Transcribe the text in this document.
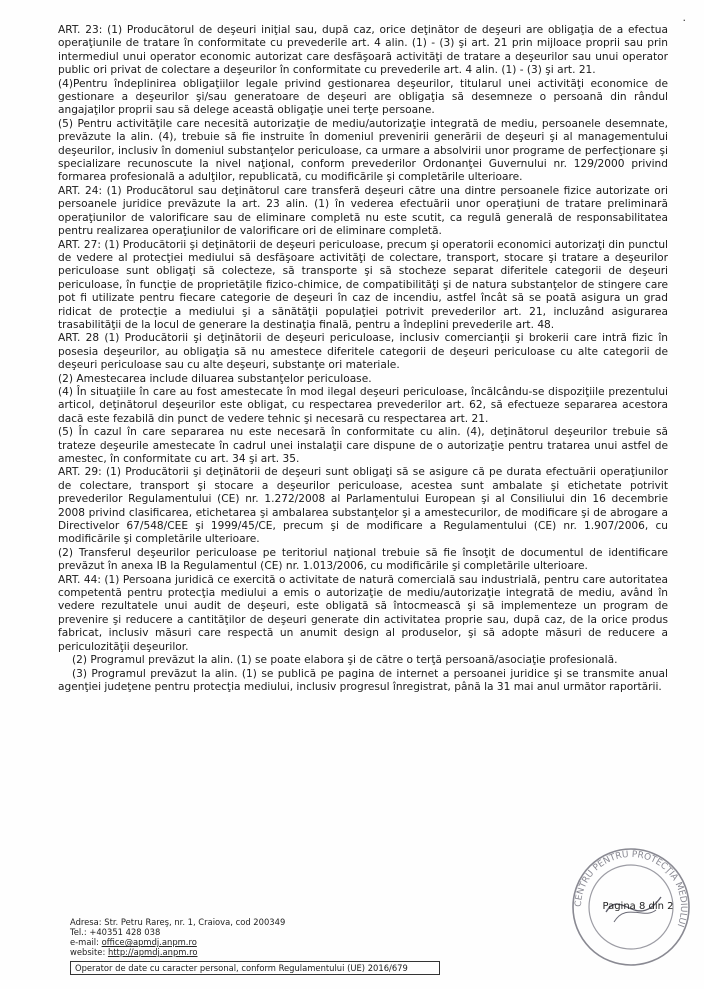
·

ART. 23: (1) Producătorul de deşeuri iniţial sau, după caz, orice deţinător de deşeuri are obligaţia de a efectua operaţiunile de tratare în conformitate cu prevederile art. 4 alin. (1) - (3) şi art. 21 prin mijloace proprii sau prin intermediul unui operator economic autorizat care desfăşoară activităţi de tratare a deşeurilor sau unui operator public ori privat de colectare a deşeurilor în conformitate cu prevederile art. 4 alin. (1) - (3) şi art. 21.

(4)Pentru îndeplinirea obligaţiilor legale privind gestionarea deşeurilor, titularul unei activităţi economice de gestionare a deşeurilor şi/sau generatoare de deşeuri are obligaţia să desemneze o persoană din rândul angajaţilor proprii sau să delege această obligaţie unei terţe persoane.

(5) Pentru activităţile care necesită autorizaţie de mediu/autorizaţie integrată de mediu, persoanele desemnate, prevăzute la alin. (4), trebuie să fie instruite în domeniul prevenirii generării de deşeuri şi al managementului deşeurilor, inclusiv în domeniul substanţelor periculoase, ca urmare a absolvirii unor programe de perfecţionare şi specializare recunoscute la nivel naţional, conform prevederilor Ordonanţei Guvernului nr. 129/2000 privind formarea profesională a adulţilor, republicată, cu modificările şi completările ulterioare.

ART. 24: (1) Producătorul sau deţinătorul care transferă deşeuri către una dintre persoanele fizice autorizate ori persoanele juridice prevăzute la art. 23 alin. (1) în vederea efectuării unor operaţiuni de tratare preliminară operaţiunilor de valorificare sau de eliminare completă nu este scutit, ca regulă generală de responsabilitatea pentru realizarea operaţiunilor de valorificare ori de eliminare completă.

ART. 27: (1) Producătorii şi deţinătorii de deşeuri periculoase, precum şi operatorii economici autorizaţi din punctul de vedere al protecţiei mediului să desfăşoare activităţi de colectare, transport, stocare şi tratare a deşeurilor periculoase sunt obligaţi să colecteze, să transporte şi să stocheze separat diferitele categorii de deşeuri periculoase, în funcţie de proprietăţile fizico-chimice, de compatibilităţi şi de natura substanţelor de stingere care pot fi utilizate pentru fiecare categorie de deşeuri în caz de incendiu, astfel încât să se poată asigura un grad ridicat de protecţie a mediului şi a sănătăţii populaţiei potrivit prevederilor art. 21, incluzând asigurarea trasabilităţii de la locul de generare la destinaţia finală, pentru a îndeplini prevederile art. 48.

ART. 28 (1) Producătorii şi deţinătorii de deşeuri periculoase, inclusiv comercianţii şi brokerii care intră fizic în posesia deşeurilor, au obligaţia să nu amestece diferitele categorii de deşeuri periculoase cu alte categorii de deşeuri periculoase sau cu alte deşeuri, substanţe ori materiale.

(2) Amestecarea include diluarea substanţelor periculoase.

(4) În situaţiile în care au fost amestecate în mod ilegal deşeuri periculoase, încălcându-se dispoziţiile prezentului articol, deţinătorul deşeurilor este obligat, cu respectarea prevederilor art. 62, să efectueze separarea acestora dacă este fezabilă din punct de vedere tehnic şi necesară cu respectarea art. 21.

(5) În cazul în care separarea nu este necesară în conformitate cu alin. (4), deţinătorul deşeurilor trebuie să trateze deşeurile amestecate în cadrul unei instalaţii care dispune de o autorizaţie pentru tratarea unui astfel de amestec, în conformitate cu art. 34 şi art. 35.

ART. 29: (1) Producătorii şi deţinătorii de deşeuri sunt obligaţi să se asigure că pe durata efectuării operaţiunilor de colectare, transport şi stocare a deşeurilor periculoase, acestea sunt ambalate şi etichetate potrivit prevederilor Regulamentului (CE) nr. 1.272/2008 al Parlamentului European şi al Consiliului din 16 decembrie 2008 privind clasificarea, etichetarea şi ambalarea substanţelor şi a amestecurilor, de modificare şi de abrogare a Directivelor 67/548/CEE şi 1999/45/CE, precum şi de modificare a Regulamentului (CE) nr. 1.907/2006, cu modificările şi completările ulterioare.

(2) Transferul deşeurilor periculoase pe teritoriul naţional trebuie să fie însoţit de documentul de identificare prevăzut în anexa IB la Regulamentul (CE) nr. 1.013/2006, cu modificările şi completările ulterioare.

ART. 44: (1) Persoana juridică ce exercită o activitate de natură comercială sau industrială, pentru care autoritatea competentă pentru protecţia mediului a emis o autorizaţie de mediu/autorizaţie integrată de mediu, având în vedere rezultatele unui audit de deşeuri, este obligată să întocmească şi să implementeze un program de prevenire şi reducere a cantităţilor de deşeuri generate din activitatea proprie sau, după caz, de la orice produs fabricat, inclusiv măsuri care respectă un anumit design al produselor, şi să adopte măsuri de reducere a periculozităţii deşeurilor.

(2) Programul prevăzut la alin. (1) se poate elabora şi de către o terţă persoană/asociaţie profesională.

(3) Programul prevăzut la alin. (1) se publică pe pagina de internet a persoanei juridice şi se transmite anual agenţiei judeţene pentru protecţia mediului, inclusiv progresul înregistrat, până la 31 mai anul următor raportării.

Adresa: Str. Petru Rareş, nr. 1, Craiova, cod 200349
Tel.: +40351 428 038
e-mail: office@apmdj.anpm.ro
website: http://apmdj.anpm.ro
Operator de date cu caracter personal, conform Regulamentului (UE) 2016/679
CENTRU PENTRU PROTECŢIA MEDIULUI
Pagina 8 din 2
